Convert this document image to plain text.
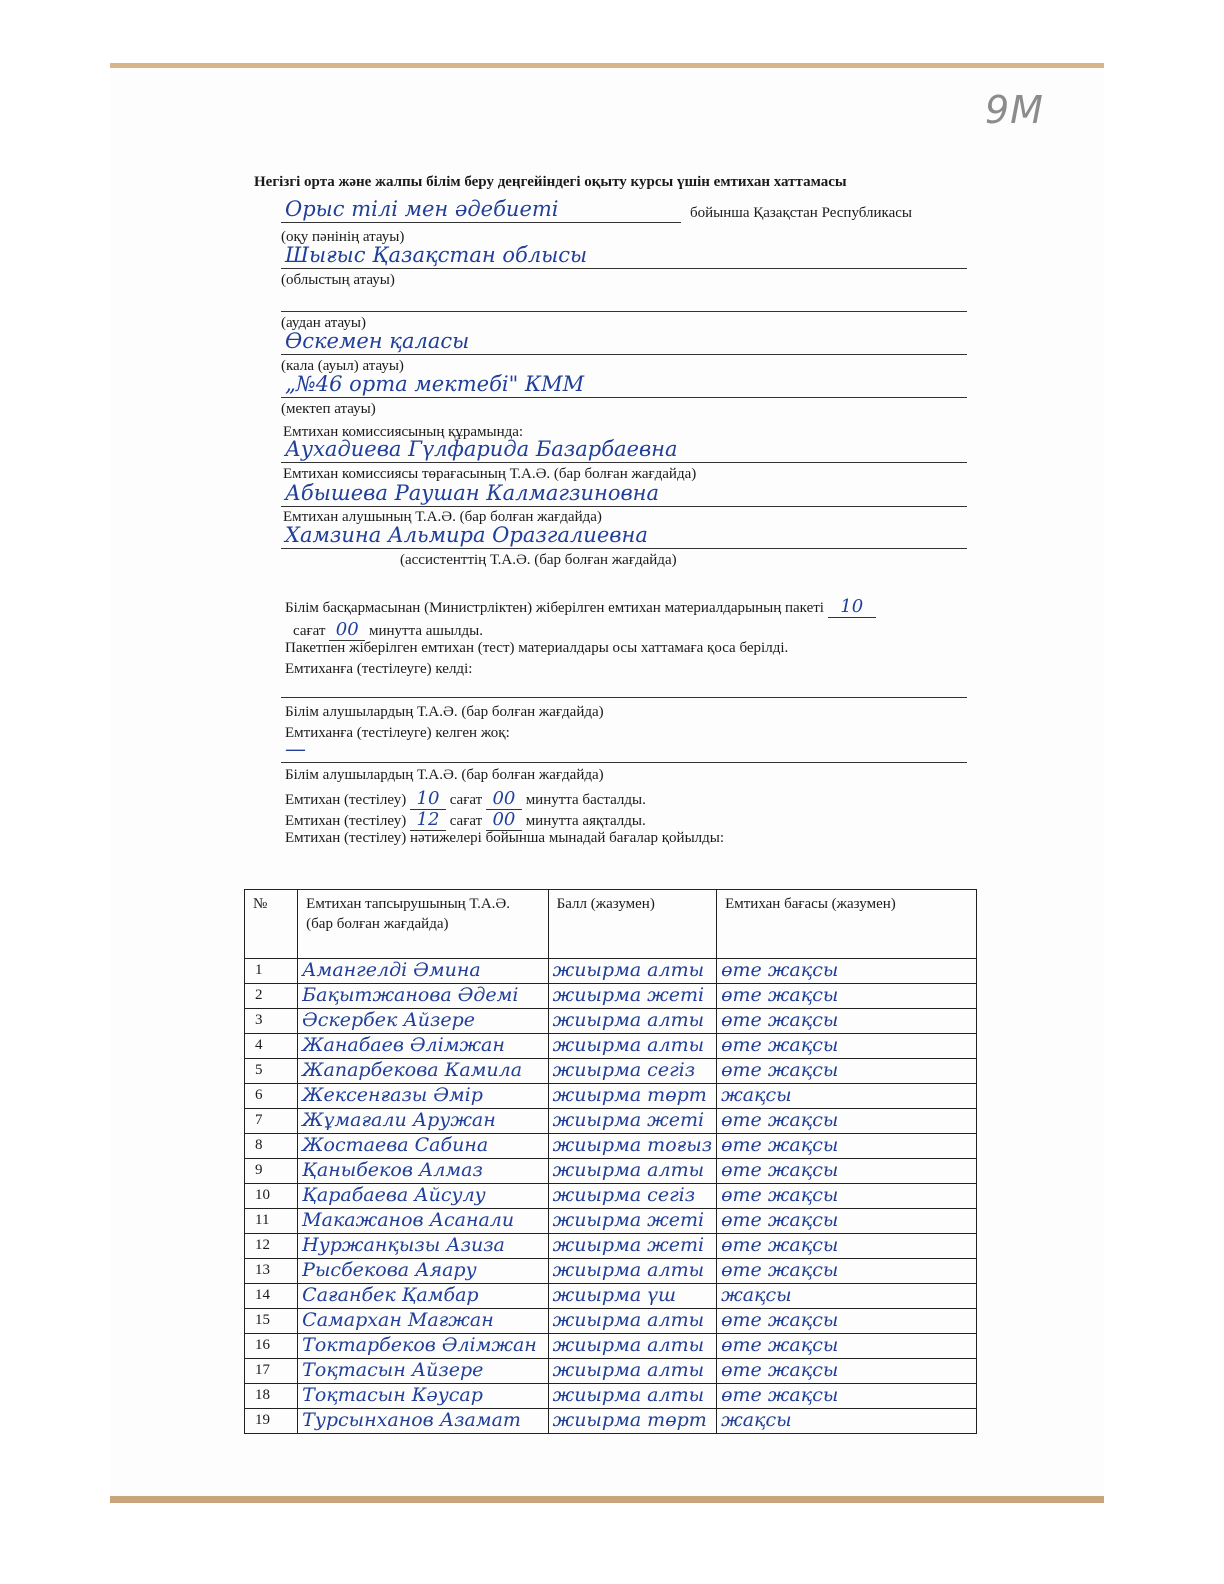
9M
Негізгі орта және жалпы білім беру деңгейіндегі оқыту курсы үшін емтихан хаттамасы
Орыс тілі мен әдебиеті	бойынша Қазақстан Республикасы
(оқу пәнінің атауы)
Шығыс Қазақстан облысы
(облыстың атауы)
(аудан атауы)
Өскемен қаласы
(кала (ауыл) атауы)
„№46 орта мектебі" КММ
(мектеп атауы)
Емтихан комиссиясының құрамында:
Аухадиева Гүлфарида Базарбаевна
Емтихан комиссиясы төрағасының Т.А.Ә. (бар болған жағдайда)
Абышева Раушан Калмагзиновна
Емтихан алушының Т.А.Ә. (бар болған жағдайда)
Хамзина Альмира Оразгалиевна
(ассистенттің Т.А.Ә. (бар болған жағдайда)
Білім басқармасынан (Министрліктен) жіберілген емтихан материалдарының пакеті 10
сағат 00 минутта ашылды.
Пакетпен жіберілген емтихан (тест) материалдары осы хаттамаға қоса берілді.
Емтиханға (тестілеуге) келді:
Білім алушылардың Т.А.Ә. (бар болған жағдайда)
Емтиханға (тестілеуге) келген жоқ:
—
Білім алушылардың Т.А.Ә. (бар болған жағдайда)
Емтихан (тестілеу) 10 сағат 00 минутта басталды.
Емтихан (тестілеу) 12 сағат 00 минутта аяқталды.
Емтихан (тестілеу) нәтижелері бойынша мынадай бағалар қойылды:
№	Емтихан тапсырушының Т.А.Ә. (бар болған жағдайда)	Балл (жазумен)	Емтихан бағасы (жазумен)
1	Амангелді Әмина	жиырма алты	өте жақсы
2	Бақытжанова Әдемі	жиырма жеті	өте жақсы
3	Әскербек Айзере	жиырма алты	өте жақсы
4	Жанабаев Әлімжан	жиырма алты	өте жақсы
5	Жапарбекова Камила	жиырма сегіз	өте жақсы
6	Жексенғазы Әмір	жиырма төрт	жақсы
7	Жұмағали Аружан	жиырма жеті	өте жақсы
8	Жостаева Сабина	жиырма тоғыз	өте жақсы
9	Қаныбеков Алмаз	жиырма алты	өте жақсы
10	Қарабаева Айсулу	жиырма сегіз	өте жақсы
11	Макажанов Асанали	жиырма жеті	өте жақсы
12	Нуржанқызы Азиза	жиырма жеті	өте жақсы
13	Рысбекова Аяару	жиырма алты	өте жақсы
14	Сағанбек Қамбар	жиырма үш	жақсы
15	Самархан Мағжан	жиырма алты	өте жақсы
16	Токтарбеков Әлімжан	жиырма алты	өте жақсы
17	Тоқтасын Айзере	жиырма алты	өте жақсы
18	Тоқтасын Кәусар	жиырма алты	өте жақсы
19	Турсынханов Азамат	жиырма төрт	жақсы
